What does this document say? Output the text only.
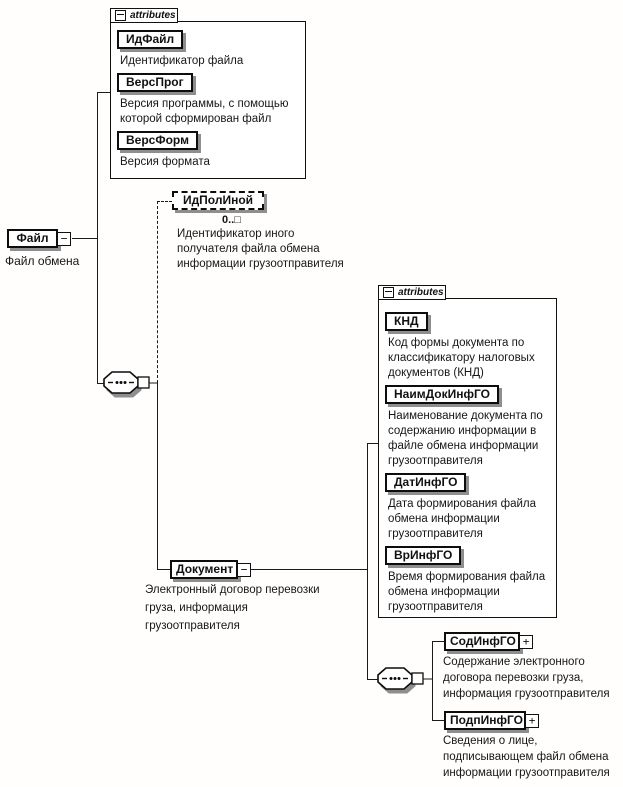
attributes
ИдФайл
Идентификатор файла
ВерсПрог
Версия программы, с помощью
которой сформирован файл
ВерсФорм
Версия формата
Файл	−
Файл обмена
ИдПолИной
0..□
Идентификатор иного
получателя файла обмена
информации грузоотправителя
Документ −
Электронный договор перевозки
груза, информация
грузоотправителя
attributes
КНД
Код формы документа по
классификатору налоговых
документов (КНД)
НаимДокИнфГО
Наименование документа по
содержанию информации в
файле обмена информации
грузоотправителя
ДатИнфГО
Дата формирования файла
обмена информации
грузоотправителя
ВрИнфГО
Время формирования файла
обмена информации
грузоотправителя
СодИнфГО +
Содержание электронного
договора перевозки груза,
информация грузоотправителя
ПодпИнфГО +
Сведения о лице,
подписывающем файл обмена
информации грузоотправителя
